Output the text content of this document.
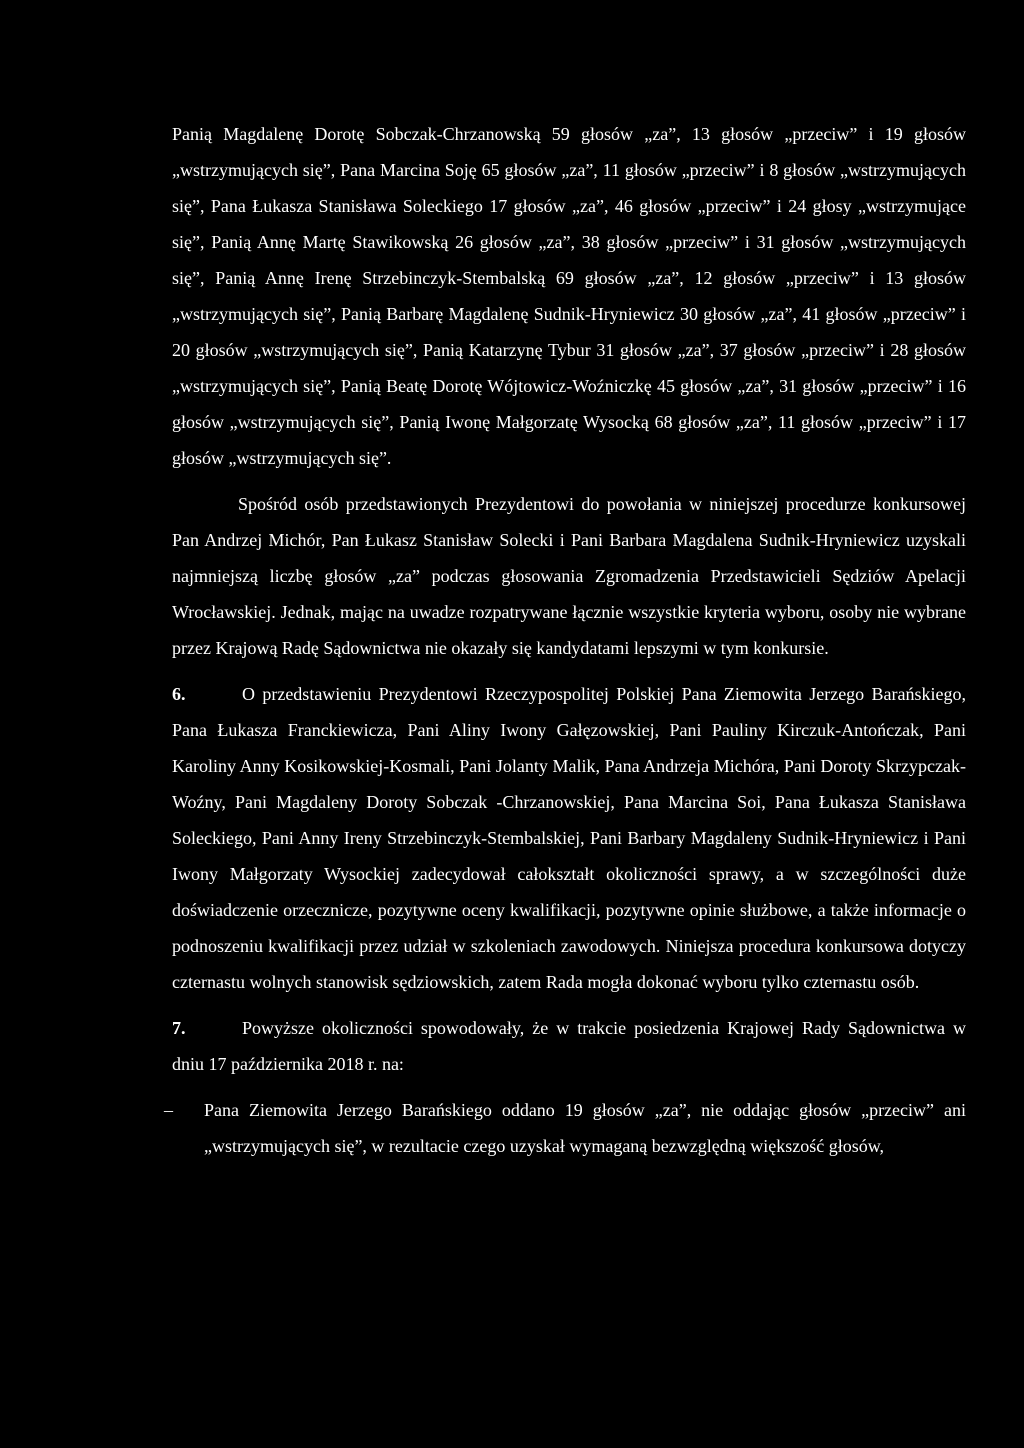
Panią Magdalenę Dorotę Sobczak-Chrzanowską 59 głosów „za”, 13 głosów „przeciw” i 19 głosów „wstrzymujących się”, Pana Marcina Soję 65 głosów „za”, 11 głosów „przeciw” i 8 głosów „wstrzymujących się”, Pana Łukasza Stanisława Soleckiego 17 głosów „za”, 46 głosów „przeciw” i 24 głosy „wstrzymujące się”, Panią Annę Martę Stawikowską 26 głosów „za”, 38 głosów „przeciw” i 31 głosów „wstrzymujących się”, Panią Annę Irenę Strzebinczyk-Stembalską 69 głosów „za”, 12 głosów „przeciw” i 13 głosów „wstrzymujących się”, Panią Barbarę Magdalenę Sudnik-Hryniewicz 30 głosów „za”, 41 głosów „przeciw” i 20 głosów „wstrzymujących się”, Panią Katarzynę Tybur 31 głosów „za”, 37 głosów „przeciw” i 28 głosów „wstrzymujących się”, Panią Beatę Dorotę Wójtowicz-Woźniczkę 45 głosów „za”, 31 głosów „przeciw” i 16 głosów „wstrzymujących się”, Panią Iwonę Małgorzatę Wysocką 68 głosów „za”, 11 głosów „przeciw” i 17 głosów „wstrzymujących się”.

Spośród osób przedstawionych Prezydentowi do powołania w niniejszej procedurze konkursowej Pan Andrzej Michór, Pan Łukasz Stanisław Solecki i Pani Barbara Magdalena Sudnik-Hryniewicz uzyskali najmniejszą liczbę głosów „za” podczas głosowania Zgromadzenia Przedstawicieli Sędziów Apelacji Wrocławskiej. Jednak, mając na uwadze rozpatrywane łącznie wszystkie kryteria wyboru, osoby nie wybrane przez Krajową Radę Sądownictwa nie okazały się kandydatami lepszymi w tym konkursie.

6.	O przedstawieniu Prezydentowi Rzeczypospolitej Polskiej Pana Ziemowita Jerzego Barańskiego, Pana Łukasza Franckiewicza, Pani Aliny Iwony Gałęzowskiej, Pani Pauliny Kirczuk-Antończak, Pani Karoliny Anny Kosikowskiej-Kosmali, Pani Jolanty Malik, Pana Andrzeja Michóra, Pani Doroty Skrzypczak-Woźny, Pani Magdaleny Doroty Sobczak -Chrzanowskiej, Pana Marcina Soi, Pana Łukasza Stanisława Soleckiego, Pani Anny Ireny Strzebinczyk-Stembalskiej, Pani Barbary Magdaleny Sudnik-Hryniewicz i Pani Iwony Małgorzaty Wysockiej zadecydował całokształt okoliczności sprawy, a w szczególności duże doświadczenie orzecznicze, pozytywne oceny kwalifikacji, pozytywne opinie służbowe, a także informacje o podnoszeniu kwalifikacji przez udział w szkoleniach zawodowych. Niniejsza procedura konkursowa dotyczy czternastu wolnych stanowisk sędziowskich, zatem Rada mogła dokonać wyboru tylko czternastu osób.

7.	Powyższe okoliczności spowodowały, że w trakcie posiedzenia Krajowej Rady Sądownictwa w dniu 17 października 2018 r. na:

– Pana Ziemowita Jerzego Barańskiego oddano 19 głosów „za”, nie oddając głosów „przeciw” ani „wstrzymujących się”, w rezultacie czego uzyskał wymaganą bezwzględną większość głosów,
